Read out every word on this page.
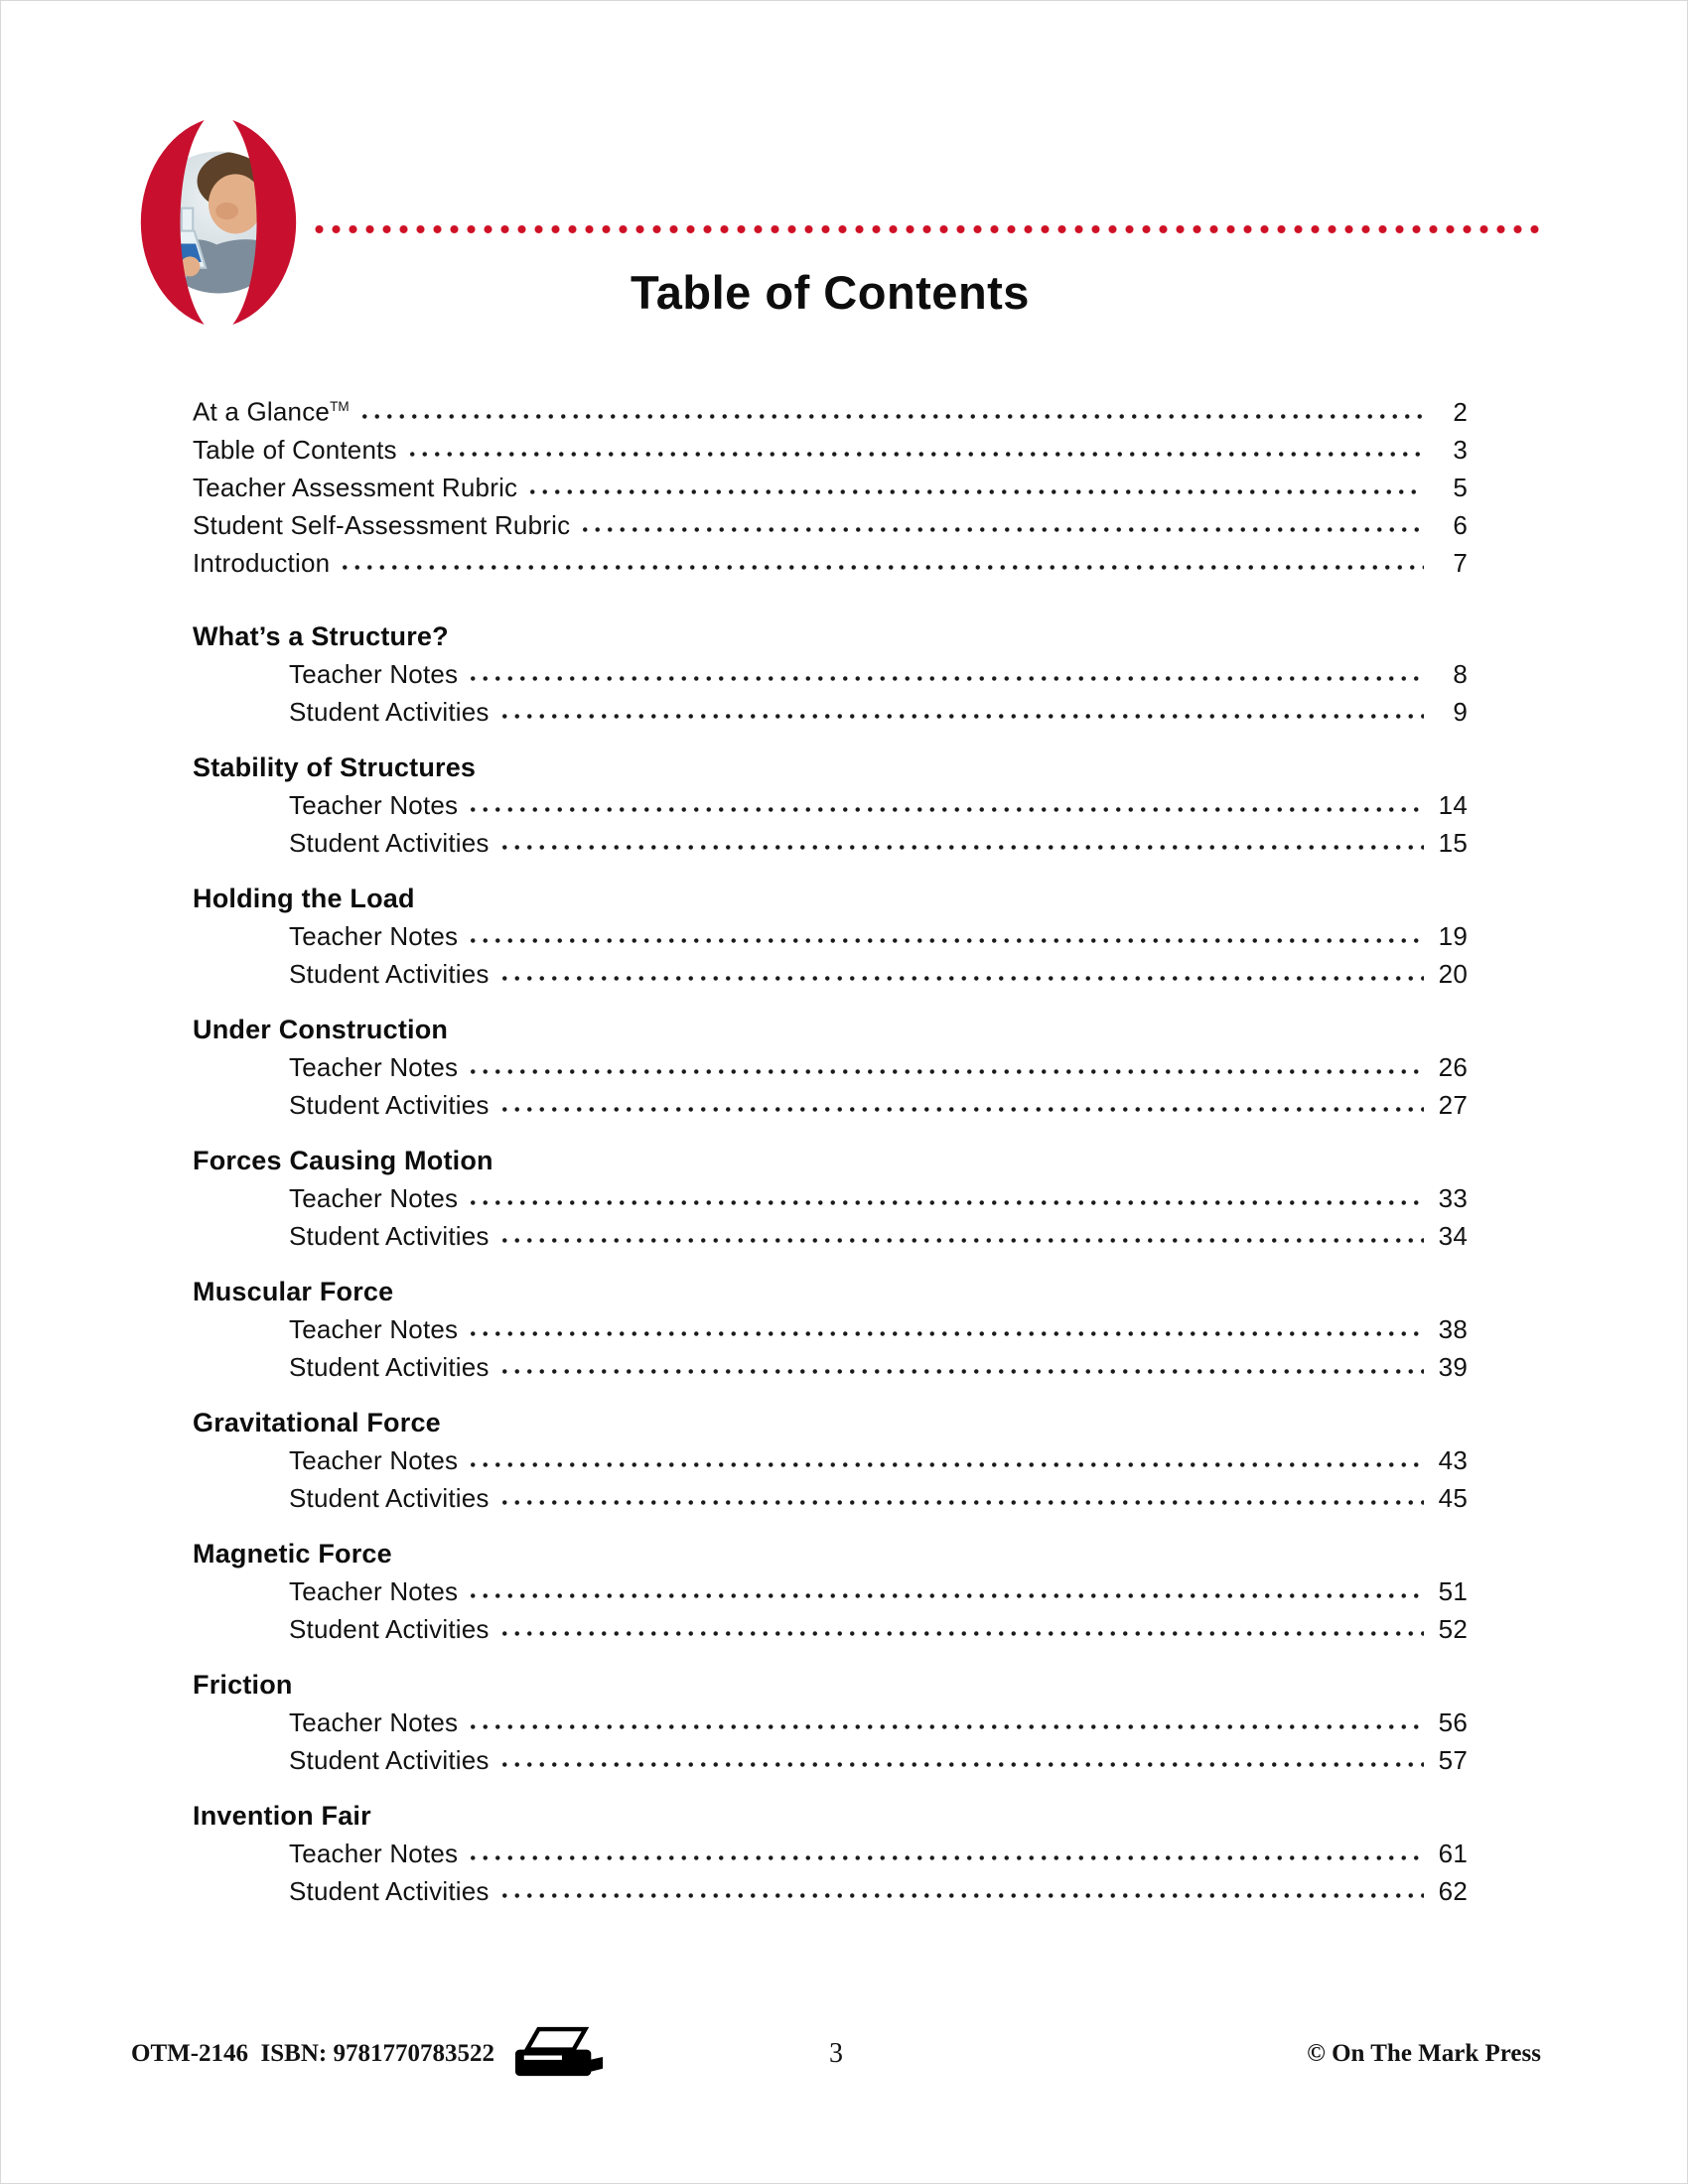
Table of Contents
At a Glance™	2
Table of Contents	3
Teacher Assessment Rubric	5
Student Self-Assessment Rubric	6
Introduction	7
What’s a Structure?
Teacher Notes	8
Student Activities	9
Stability of Structures
Teacher Notes	14
Student Activities	15
Holding the Load
Teacher Notes	19
Student Activities	20
Under Construction
Teacher Notes	26
Student Activities	27
Forces Causing Motion
Teacher Notes	33
Student Activities	34
Muscular Force
Teacher Notes	38
Student Activities	39
Gravitational Force
Teacher Notes	43
Student Activities	45
Magnetic Force
Teacher Notes	51
Student Activities	52
Friction
Teacher Notes	56
Student Activities	57
Invention Fair
Teacher Notes	61
Student Activities	62
OTM-2146  ISBN: 9781770783522	3	© On The Mark Press
